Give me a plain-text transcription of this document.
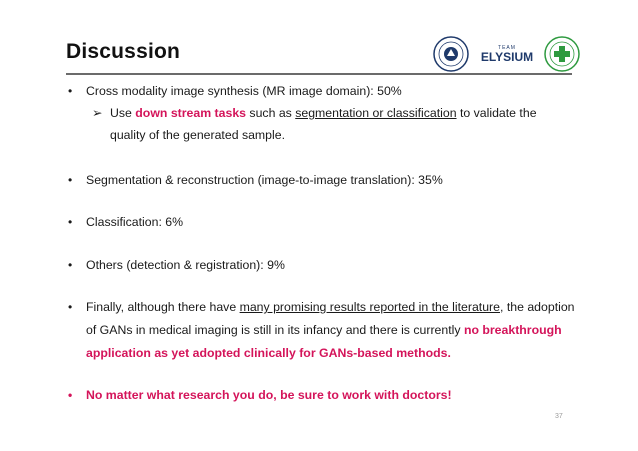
Discussion	TEAM
ELYSIUM
• Cross modality image synthesis (MR image domain): 50%
➢ Use down stream tasks such as segmentation or classification to validate the
quality of the generated sample.
• Segmentation & reconstruction (image-to-image translation): 35%
• Classification: 6%
• Others (detection & registration): 9%
• Finally, although there have many promising results reported in the literature, the adoption
of GANs in medical imaging is still in its infancy and there is currently no breakthrough
application as yet adopted clinically for GANs-based methods.
• No matter what research you do, be sure to work with doctors!
37
